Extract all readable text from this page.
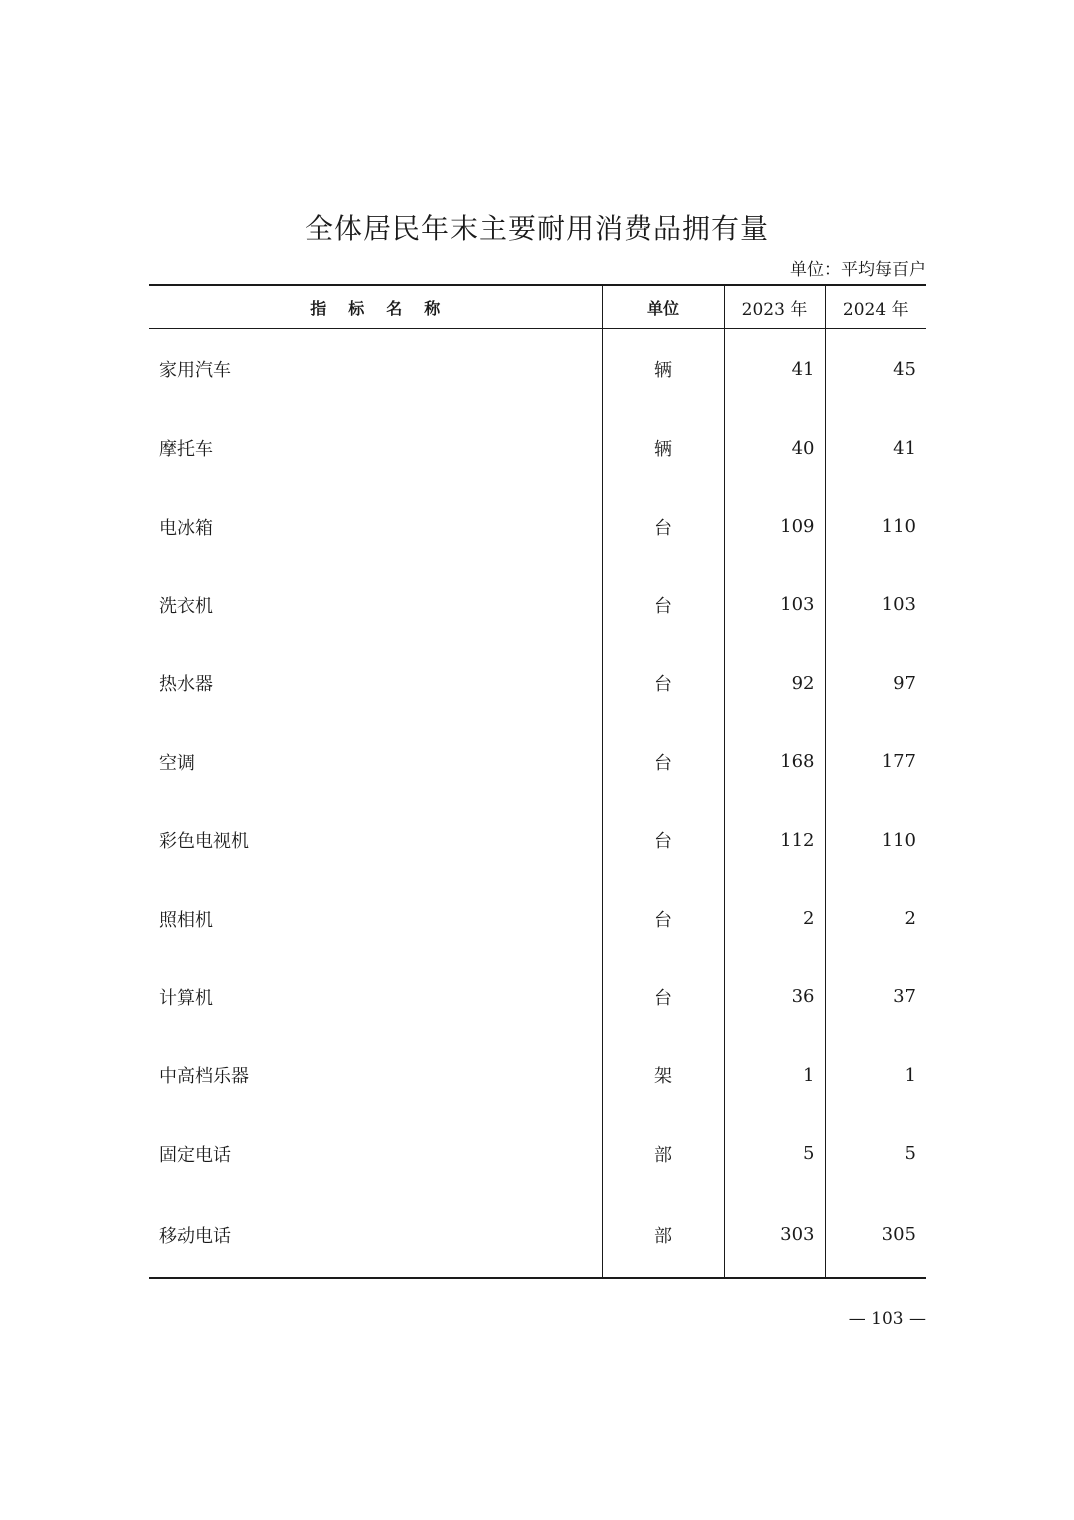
全体居民年末主要耐用消费品拥有量
单位：平均每百户
指标名称	单位	2023 年	2024 年
家用汽车	辆	41	45
摩托车	辆	40	41
电冰箱	台	109	110
洗衣机	台	103	103
热水器	台	92	97
空调	台	168	177
彩色电视机	台	112	110
照相机	台	2	2
计算机	台	36	37
中高档乐器	架	1	1
固定电话	部	5	5
移动电话	部	303	305
— 103 —
